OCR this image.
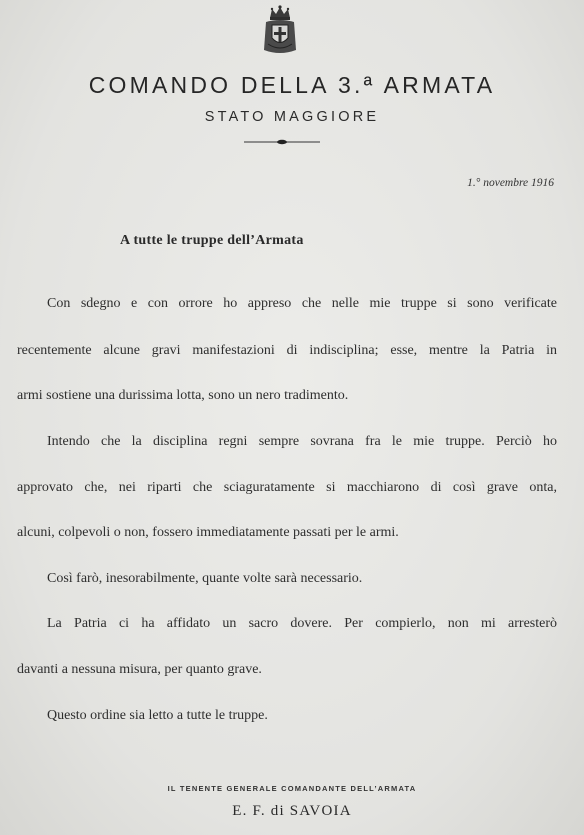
COMANDO DELLA 3.ª ARMATA
STATO MAGGIORE
1.° novembre 1916
A tutte le truppe dell’Armata
Con sdegno e con orrore ho appreso che nelle mie truppe si sono verificate
recentemente alcune gravi manifestazioni di indisciplina; esse, mentre la Patria in
armi sostiene una durissima lotta, sono un nero tradimento.
Intendo che la disciplina regni sempre sovrana fra le mie truppe. Perciò ho
approvato che, nei riparti che sciaguratamente si macchiarono di così grave onta,
alcuni, colpevoli o non, fossero immediatamente passati per le armi.
Così farò, inesorabilmente, quante volte sarà necessario.
La Patria ci ha affidato un sacro dovere. Per compierlo, non mi arresterò
davanti a nessuna misura, per quanto grave.
Questo ordine sia letto a tutte le truppe.
IL TENENTE GENERALE COMANDANTE DELL’ARMATA
E. F. di SAVOIA
